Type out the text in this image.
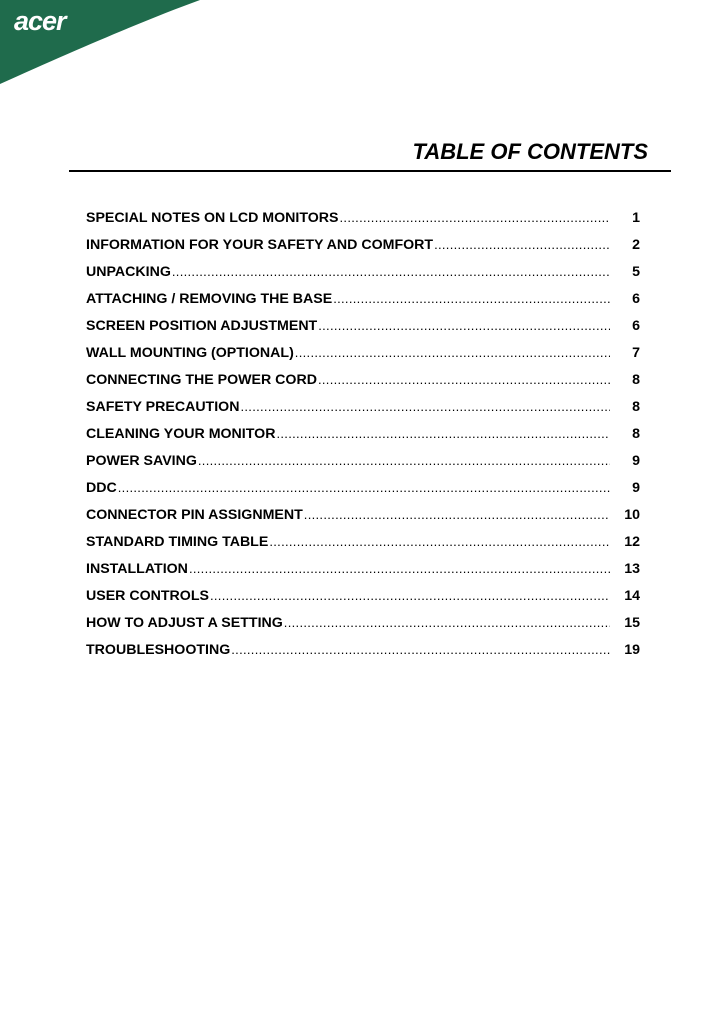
acer
TABLE OF CONTENTS
SPECIAL NOTES ON LCD MONITORS .....	1
INFORMATION FOR YOUR SAFETY AND COMFORT .....	2
UNPACKING .....	5
ATTACHING / REMOVING THE BASE .....	6
SCREEN POSITION ADJUSTMENT .....	6
WALL MOUNTING (OPTIONAL) .....	7
CONNECTING THE POWER CORD .....	8
SAFETY PRECAUTION .....	8
CLEANING YOUR MONITOR .....	8
POWER SAVING .....	9
DDC .....	9
CONNECTOR PIN ASSIGNMENT .....	10
STANDARD TIMING TABLE .....	12
INSTALLATION .....	13
USER CONTROLS .....	14
HOW TO ADJUST A SETTING .....	15
TROUBLESHOOTING .....	19
